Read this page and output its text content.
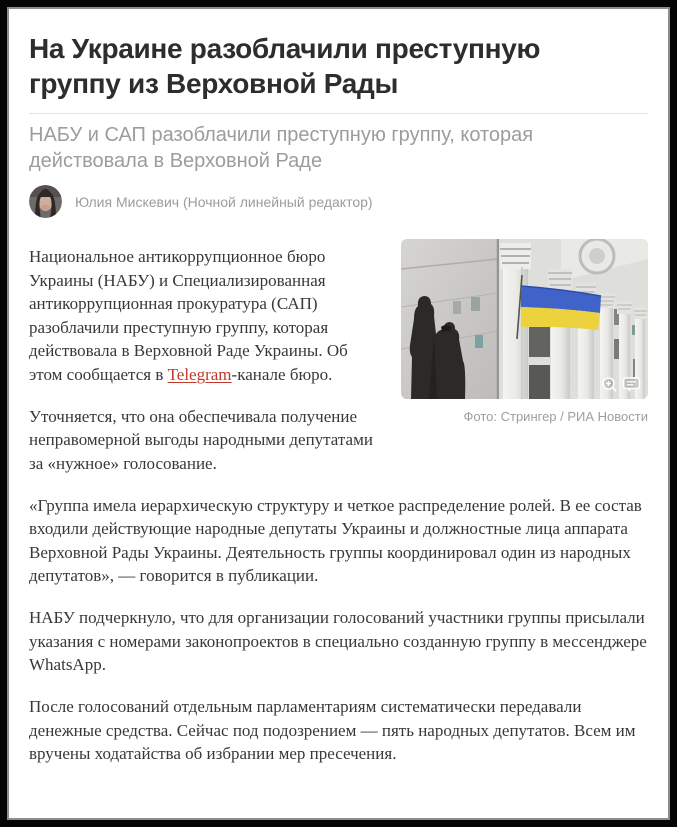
На Украине разоблачили преступную группу из Верховной Рады
НАБУ и САП разоблачили преступную группу, которая действовала в Верховной Раде
Юлия Мискевич (Ночной линейный редактор)
Фото: Стрингер / РИА Новости

Национальное антикоррупционное бюро Украины (НАБУ) и Специализированная антикоррупционная прокуратура (САП) разоблачили преступную группу, которая действовала в Верховной Раде Украины. Об этом сообщается в Telegram-канале бюро.

Уточняется, что она обеспечивала получение неправомерной выгоды народными депутатами за «нужное» голосование.

«Группа имела иерархическую структуру и четкое распределение ролей. В ее состав входили действующие народные депутаты Украины и должностные лица аппарата Верховной Рады Украины. Деятельность группы координировал один из народных депутатов», — говорится в публикации.

НАБУ подчеркнуло, что для организации голосований участники группы присылали указания с номерами законопроектов в специально созданную группу в мессенджере WhatsApp.

После голосований отдельным парламентариям систематически передавали денежные средства. Сейчас под подозрением — пять народных депутатов. Всем им вручены ходатайства об избрании мер пресечения.
